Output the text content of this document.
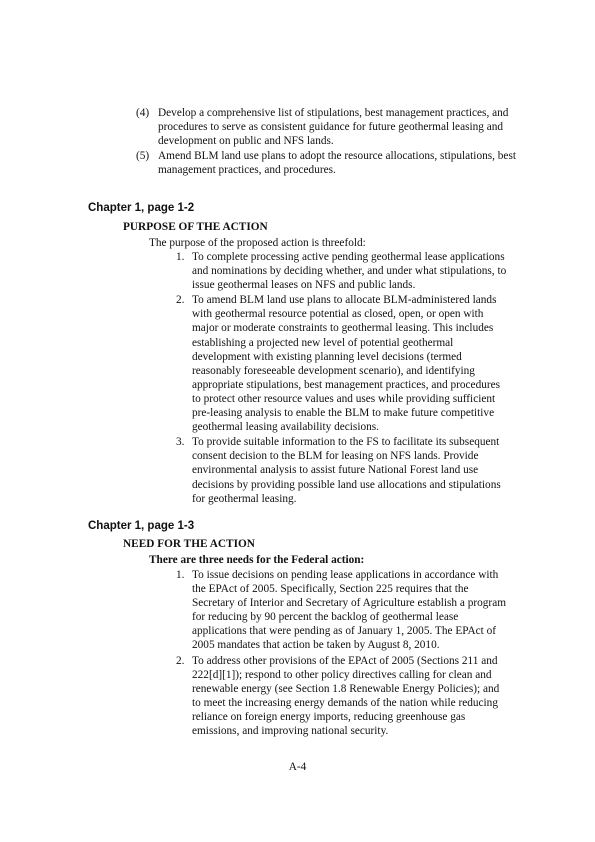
(4) Develop a comprehensive list of stipulations, best management practices, and procedures to serve as consistent guidance for future geothermal leasing and development on public and NFS lands.
(5) Amend BLM land use plans to adopt the resource allocations, stipulations, best management practices, and procedures.
Chapter 1, page 1-2
PURPOSE OF THE ACTION
The purpose of the proposed action is threefold:
1. To complete processing active pending geothermal lease applications and nominations by deciding whether, and under what stipulations, to issue geothermal leases on NFS and public lands.
2. To amend BLM land use plans to allocate BLM-administered lands with geothermal resource potential as closed, open, or open with major or moderate constraints to geothermal leasing. This includes establishing a projected new level of potential geothermal development with existing planning level decisions (termed reasonably foreseeable development scenario), and identifying appropriate stipulations, best management practices, and procedures to protect other resource values and uses while providing sufficient pre-leasing analysis to enable the BLM to make future competitive geothermal leasing availability decisions.
3. To provide suitable information to the FS to facilitate its subsequent consent decision to the BLM for leasing on NFS lands. Provide environmental analysis to assist future National Forest land use decisions by providing possible land use allocations and stipulations for geothermal leasing.
Chapter 1, page 1-3
NEED FOR THE ACTION
There are three needs for the Federal action:
1. To issue decisions on pending lease applications in accordance with the EPAct of 2005. Specifically, Section 225 requires that the Secretary of Interior and Secretary of Agriculture establish a program for reducing by 90 percent the backlog of geothermal lease applications that were pending as of January 1, 2005. The EPAct of 2005 mandates that action be taken by August 8, 2010.
2. To address other provisions of the EPAct of 2005 (Sections 211 and 222[d][1]); respond to other policy directives calling for clean and renewable energy (see Section 1.8 Renewable Energy Policies); and to meet the increasing energy demands of the nation while reducing reliance on foreign energy imports, reducing greenhouse gas emissions, and improving national security.
A-4
